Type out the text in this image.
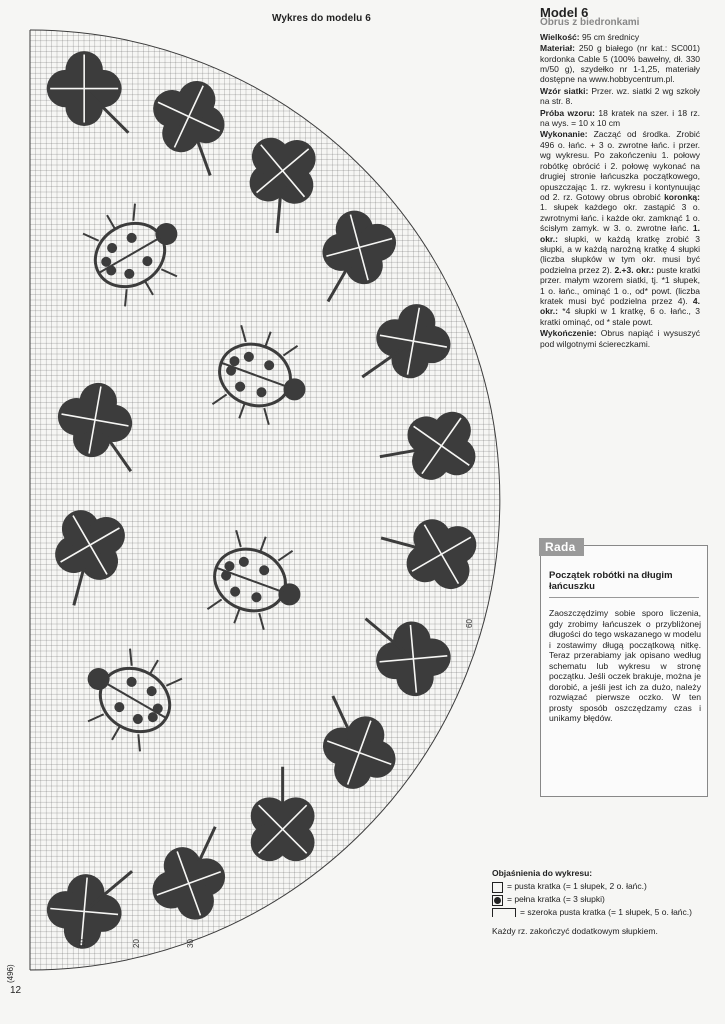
Wykres do modelu 6
10	20	30
60
(496)
12
Model 6
Obrus z biedronkami

Wielkość: 95 cm średnicy

Materiał: 250 g białego (nr kat.: SC001) kordonka Cable 5 (100% bawełny, dł. 330 m/50 g), szydełko nr 1-1,25, materiały dostępne na www.hobbycentrum.pl.

Wzór siatki: Przer. wz. siatki 2 wg szkoły na str. 8.

Próba wzoru: 18 kratek na szer. i 18 rz. na wys. = 10 x 10 cm

Wykonanie: Zacząć od środka. Zrobić 496 o. łańc. + 3 o. zwrotne łańc. i przer. wg wykresu. Po zakończeniu 1. połowy robótkę obrócić i 2. połowę wykonać na drugiej stronie łańcuszka początkowego, opuszczając 1. rz. wykresu i kontynuując od 2. rz. Gotowy obrus obrobić koronką: 1. słupek każdego okr. zastąpić 3 o. zwrotnymi łańc. i każde okr. zamknąć 1 o. ścisłym zamyk. w 3. o. zwrotne łańc. 1. okr.: słupki, w każdą kratkę zrobić 3 słupki, a w każdą narożną kratkę 4 słupki (liczba słupków w tym okr. musi być podzielna przez 2). 2.+3. okr.: puste kratki przer. małym wzorem siatki, tj. *1 słupek, 1 o. łańc., ominąć 1 o., od* powt. (liczba kratek musi być podzielna przez 4). 4. okr.: *4 słupki w 1 kratkę, 6 o. łańc., 3 kratki ominąć, od * stale powt.

Wykończenie: Obrus napiąć i wysuszyć pod wilgotnymi ściereczkami.

Rada
Początek robótki na długim łańcuszku
Zaoszczędzimy sobie sporo liczenia, gdy zrobimy łańcuszek o przybliżonej długości do tego wskazanego w modelu i zostawimy długą początkową nitkę. Teraz przerabiamy jak opisano według schematu lub wykresu w stronę początku. Jeśli oczek brakuje, można je dorobić, a jeśli jest ich za dużo, należy rozwiązać pierwsze oczko. W ten prosty sposób oszczędzamy czas i unikamy błędów.
Objaśnienia do wykresu:
= pusta kratka (= 1 słupek, 2 o. łańc.)
= pełna kratka (= 3 słupki)
= szeroka pusta kratka (= 1 słupek, 5 o. łańc.)
Każdy rz. zakończyć dodatkowym słupkiem.
